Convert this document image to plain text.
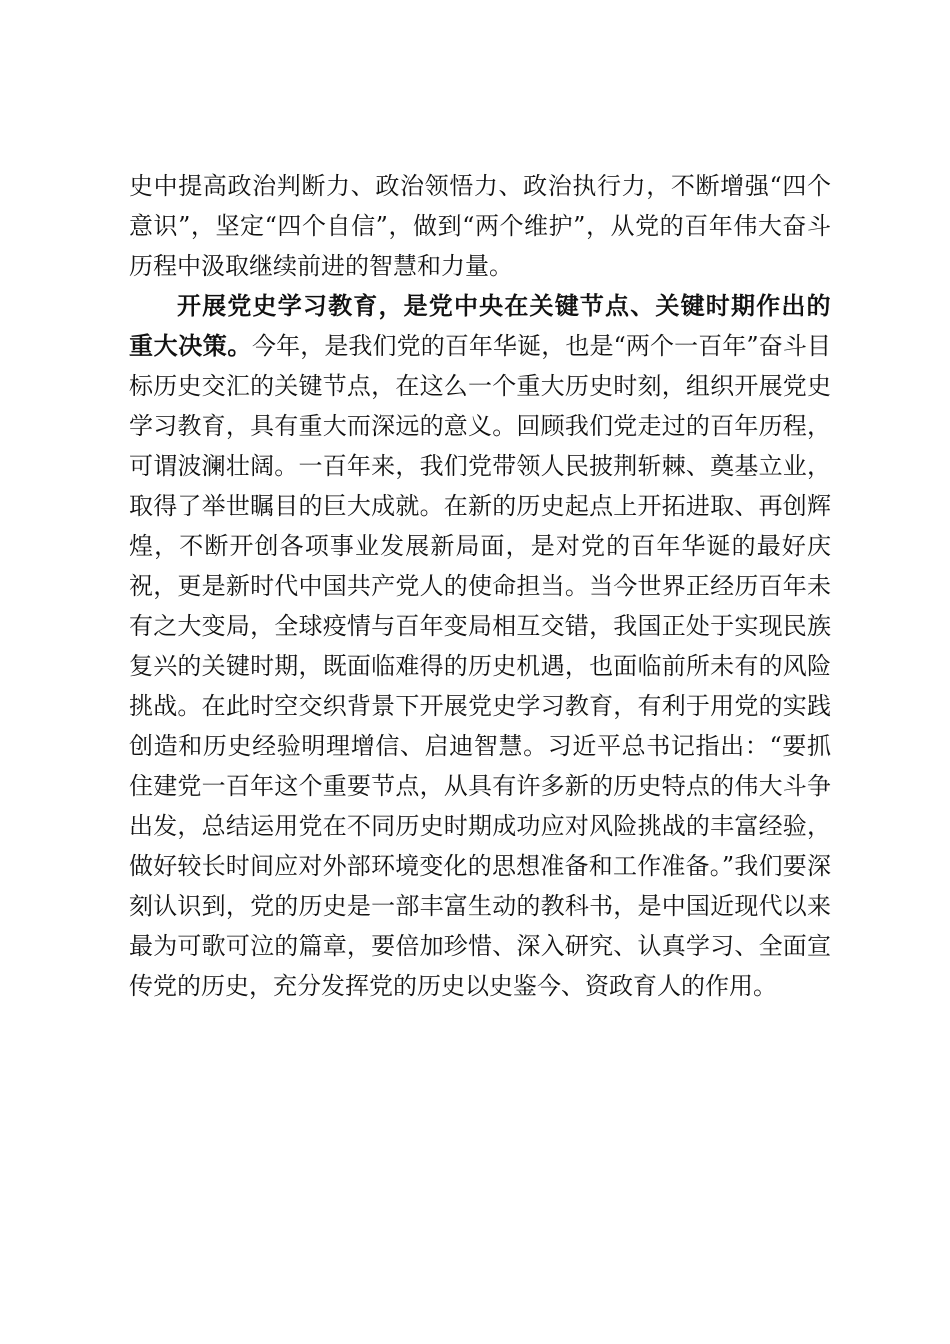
史中提高政治判断力、政治领悟力、政治执行力，不断增强“四个意识”，坚定“四个自信”，做到“两个维护”，从党的百年伟大奋斗历程中汲取继续前进的智慧和力量。

开展党史学习教育，是党中央在关键节点、关键时期作出的重大决策。今年，是我们党的百年华诞，也是“两个一百年”奋斗目标历史交汇的关键节点，在这么一个重大历史时刻，组织开展党史学习教育，具有重大而深远的意义。回顾我们党走过的百年历程，可谓波澜壮阔。一百年来，我们党带领人民披荆斩棘、奠基立业，取得了举世瞩目的巨大成就。在新的历史起点上开拓进取、再创辉煌，不断开创各项事业发展新局面，是对党的百年华诞的最好庆祝，更是新时代中国共产党人的使命担当。当今世界正经历百年未有之大变局，全球疫情与百年变局相互交错，我国正处于实现民族复兴的关键时期，既面临难得的历史机遇，也面临前所未有的风险挑战。在此时空交织背景下开展党史学习教育，有利于用党的实践创造和历史经验明理增信、启迪智慧。习近平总书记指出：“要抓住建党一百年这个重要节点，从具有许多新的历史特点的伟大斗争出发，总结运用党在不同历史时期成功应对风险挑战的丰富经验，做好较长时间应对外部环境变化的思想准备和工作准备。”我们要深刻认识到，党的历史是一部丰富生动的教科书，是中国近现代以来最为可歌可泣的篇章，要倍加珍惜、深入研究、认真学习、全面宣传党的历史，充分发挥党的历史以史鉴今、资政育人的作用。
